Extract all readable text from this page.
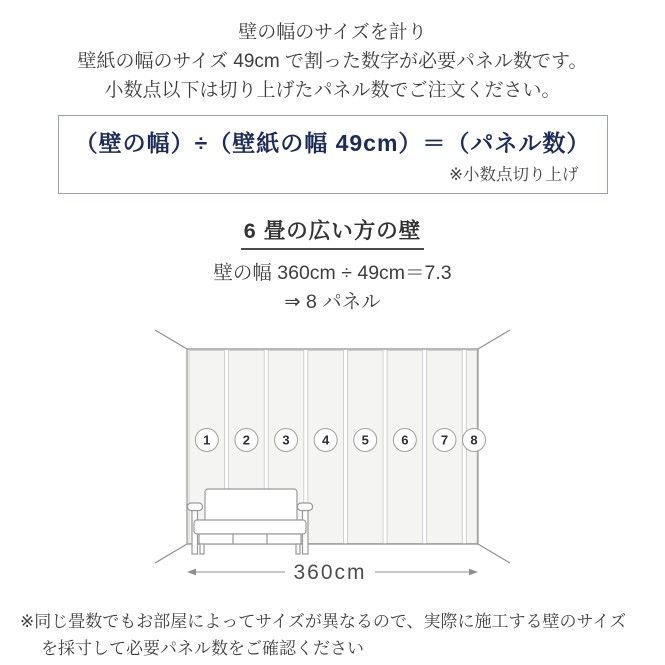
壁の幅のサイズを計り
壁紙の幅のサイズ 49cm で割った数字が必要パネル数です。
小数点以下は切り上げたパネル数でご注文ください。
（壁の幅）÷（壁紙の幅 49cm）＝（パネル数）
※小数点切り上げ
6 畳の広い方の壁
壁の幅 360cm ÷ 49cm＝7.3
⇒ 8 パネル
1 2 3 4 5 6 7 8
360cm
※同じ畳数でもお部屋によってサイズが異なるので、実際に施工する壁のサイズ
を採寸して必要パネル数をご確認ください
